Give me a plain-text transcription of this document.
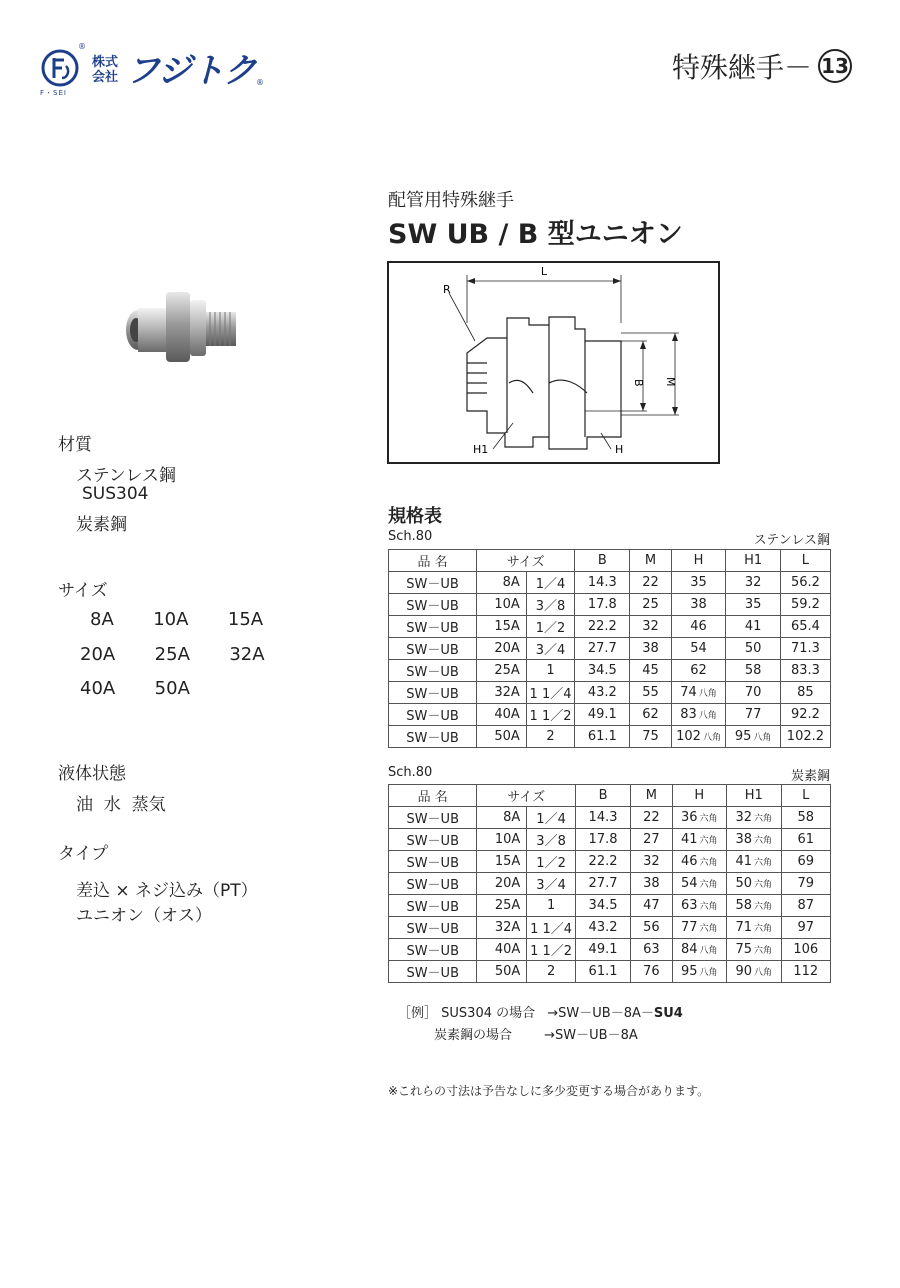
®
F・SEI
株式
会社 フジトク ®	特殊継手－ 13
配管用特殊継手
SW UB / B 型ユニオン
L
R
B M
H1	H
材質
ステンレス鋼
SUS304
炭素鋼
サイズ
8A  10A  15A
20A  25A  32A
40A  50A
液体状態
油  水  蒸気
タイプ
差込 × ネジ込み（PT）
ユニオン（オス）
規格表
Sch.80	ステンレス鋼
品 名	サイズ		B	M	H	H1	L
SW－UB	8A	1／4	14.3	22	35	32	56.2
SW－UB	10A	3／8	17.8	25	38	35	59.2
SW－UB	15A	1／2	22.2	32	46	41	65.4
SW－UB	20A	3／4	27.7	38	54	50	71.3
SW－UB	25A	1	34.5	45	62	58	83.3
SW－UB	32A	1 1／4	43.2	55	74 八角	70	85
SW－UB	40A	1 1／2	49.1	62	83 八角	77	92.2
SW－UB	50A	2	61.1	75	102 八角	95 八角	102.2
Sch.80	炭素鋼
品 名	サイズ		B	M	H	H1	L
SW－UB	8A	1／4	14.3	22	36 六角	32 六角	58
SW－UB	10A	3／8	17.8	27	41 六角	38 六角	61
SW－UB	15A	1／2	22.2	32	46 六角	41 六角	69
SW－UB	20A	3／4	27.7	38	54 六角	50 六角	79
SW－UB	25A	1	34.5	47	63 六角	58 六角	87
SW－UB	32A	1 1／4	43.2	56	77 六角	71 六角	97
SW－UB	40A	1 1／2	49.1	63	84 八角	75 六角	106
SW－UB	50A	2	61.1	76	95 八角	90 八角	112
［例］ SUS304 の場合 →SW－UB－8A－SU4
炭素鋼の場合 →SW－UB－8A
※これらの寸法は予告なしに多少変更する場合があります。
